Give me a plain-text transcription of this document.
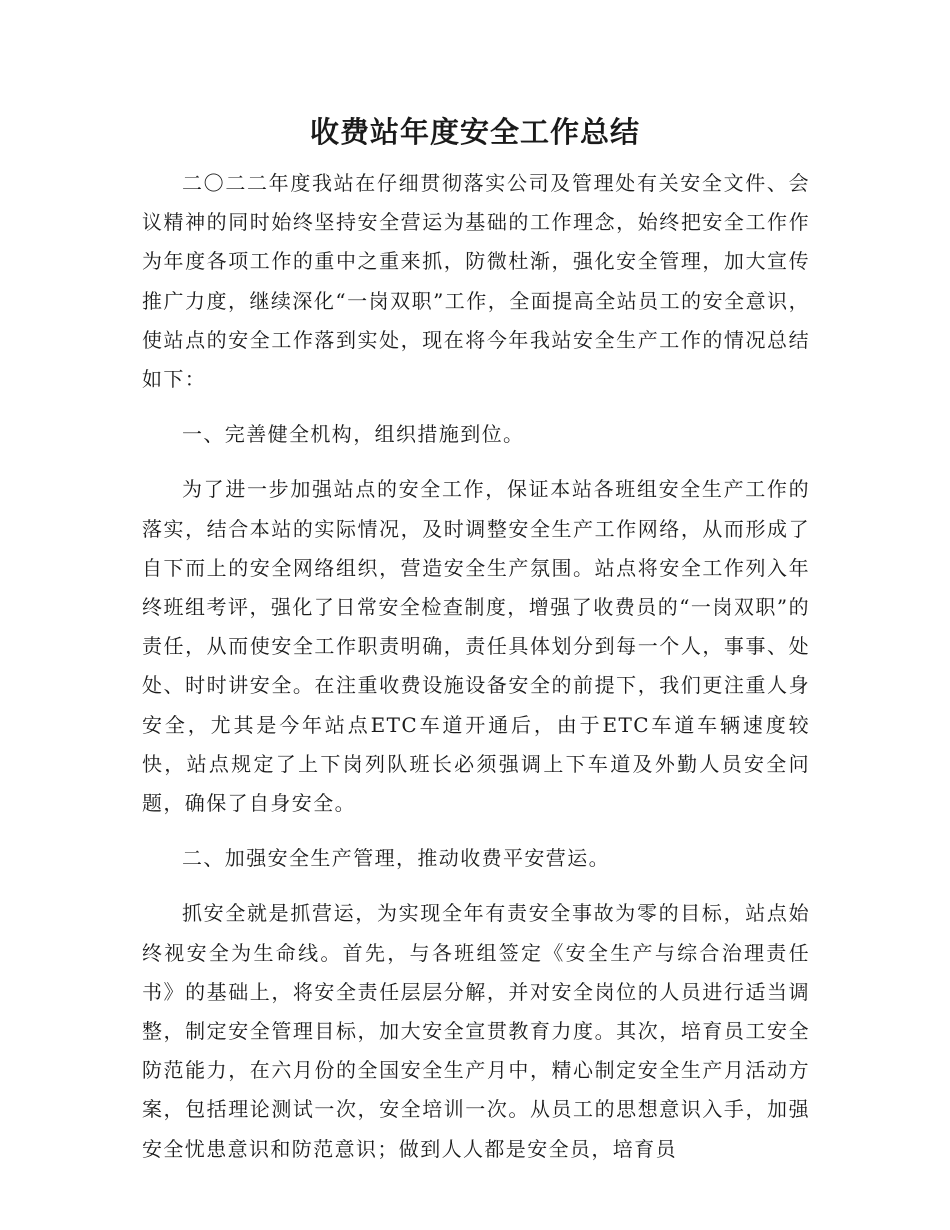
收费站年度安全工作总结

二〇二二年度我站在仔细贯彻落实公司及管理处有关安全文件、会议精神的同时始终坚持安全营运为基础的工作理念，始终把安全工作作为年度各项工作的重中之重来抓，防微杜渐，强化安全管理，加大宣传推广力度，继续深化“一岗双职”工作，全面提高全站员工的安全意识，使站点的安全工作落到实处，现在将今年我站安全生产工作的情况总结如下：

一、完善健全机构，组织措施到位。

为了进一步加强站点的安全工作，保证本站各班组安全生产工作的落实，结合本站的实际情况，及时调整安全生产工作网络，从而形成了自下而上的安全网络组织，营造安全生产氛围。站点将安全工作列入年终班组考评，强化了日常安全检查制度，增强了收费员的“一岗双职”的责任，从而使安全工作职责明确，责任具体划分到每一个人，事事、处处、时时讲安全。在注重收费设施设备安全的前提下，我们更注重人身安全，尤其是今年站点ETC车道开通后，由于ETC车道车辆速度较快，站点规定了上下岗列队班长必须强调上下车道及外勤人员安全问题，确保了自身安全。

二、加强安全生产管理，推动收费平安营运。

抓安全就是抓营运，为实现全年有责安全事故为零的目标，站点始终视安全为生命线。首先，与各班组签定《安全生产与综合治理责任书》的基础上，将安全责任层层分解，并对安全岗位的人员进行适当调整，制定安全管理目标，加大安全宣贯教育力度。其次，培育员工安全防范能力，在六月份的全国安全生产月中，精心制定安全生产月活动方案，包括理论测试一次，安全培训一次。从员工的思想意识入手，加强安全忧患意识和防范意识；做到人人都是安全员，培育员
